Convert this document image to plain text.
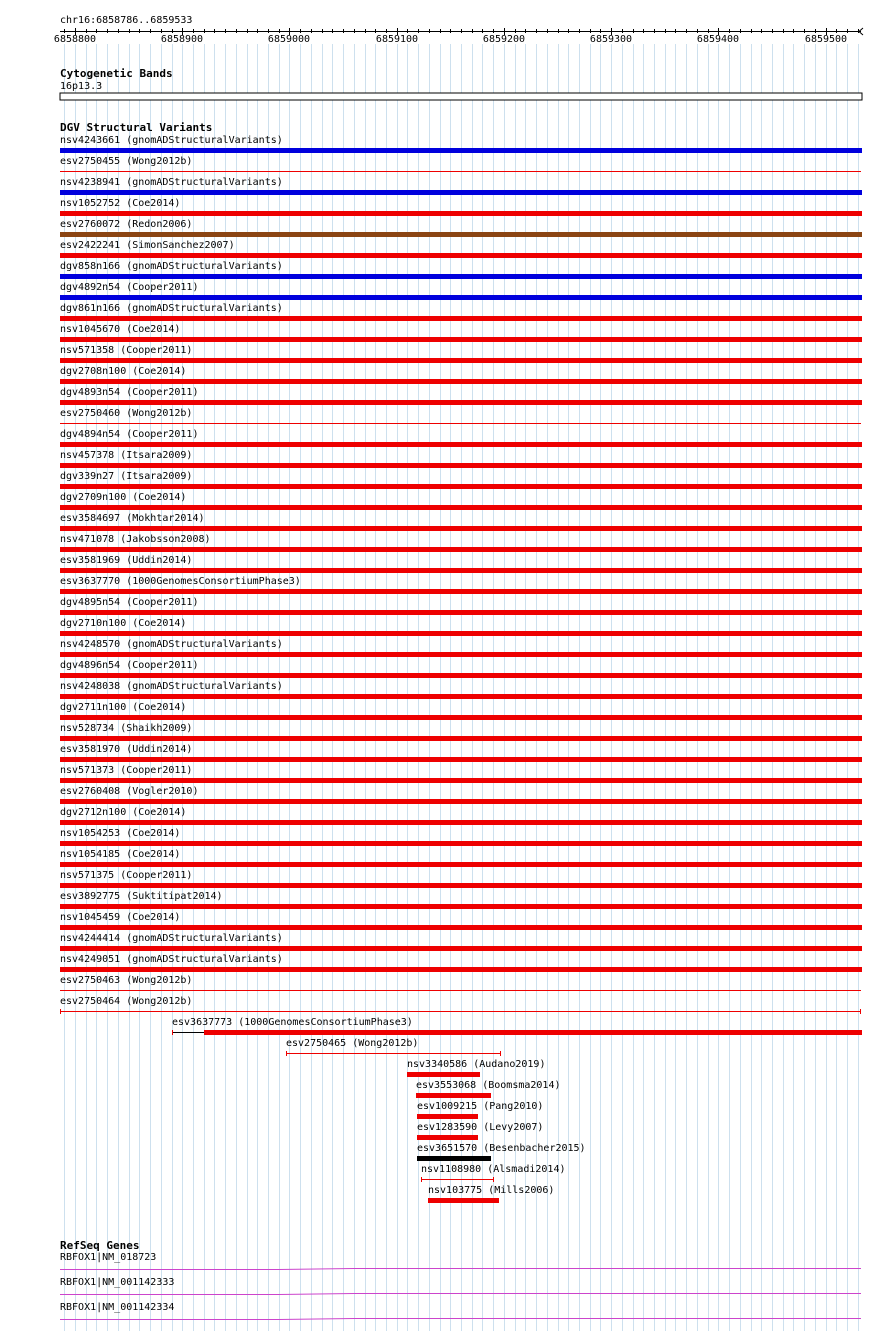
chr16:6858786..6859533
6858800	6858900	6859000	6859100	6859200	6859300	6859400	6859500
Cytogenetic Bands
16p13.3
DGV Structural Variants
nsv4243661 (gnomADStructuralVariants)
esv2750455 (Wong2012b)
nsv4238941 (gnomADStructuralVariants)
nsv1052752 (Coe2014)
esv2760072 (Redon2006)
esv2422241 (SimonSanchez2007)
dgv858n166 (gnomADStructuralVariants)
dgv4892n54 (Cooper2011)
dgv861n166 (gnomADStructuralVariants)
nsv1045670 (Coe2014)
nsv571358 (Cooper2011)
dgv2708n100 (Coe2014)
dgv4893n54 (Cooper2011)
esv2750460 (Wong2012b)
dgv4894n54 (Cooper2011)
nsv457378 (Itsara2009)
dgv339n27 (Itsara2009)
dgv2709n100 (Coe2014)
esv3584697 (Mokhtar2014)
nsv471078 (Jakobsson2008)
esv3581969 (Uddin2014)
esv3637770 (1000GenomesConsortiumPhase3)
dgv4895n54 (Cooper2011)
dgv2710n100 (Coe2014)
nsv4248570 (gnomADStructuralVariants)
dgv4896n54 (Cooper2011)
nsv4248038 (gnomADStructuralVariants)
dgv2711n100 (Coe2014)
nsv528734 (Shaikh2009)
esv3581970 (Uddin2014)
nsv571373 (Cooper2011)
esv2760408 (Vogler2010)
dgv2712n100 (Coe2014)
nsv1054253 (Coe2014)
nsv1054185 (Coe2014)
nsv571375 (Cooper2011)
esv3892775 (Suktitipat2014)
nsv1045459 (Coe2014)
nsv4244414 (gnomADStructuralVariants)
nsv4249051 (gnomADStructuralVariants)
esv2750463 (Wong2012b)
esv2750464 (Wong2012b)
esv3637773 (1000GenomesConsortiumPhase3)
esv2750465 (Wong2012b)
nsv3340586 (Audano2019)
esv3553068 (Boomsma2014)
esv1009215 (Pang2010)
esv1283590 (Levy2007)
esv3651570 (Besenbacher2015)
nsv1108980 (Alsmadi2014)
nsv103775 (Mills2006)
RefSeq Genes
RBFOX1|NM_018723
RBFOX1|NM_001142333
RBFOX1|NM_001142334
